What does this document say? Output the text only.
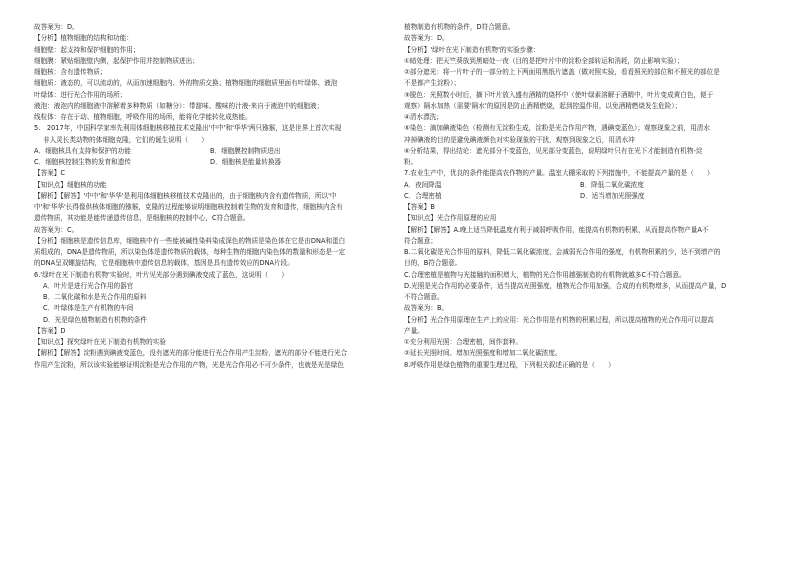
故答案为：D。
【分析】植物细胞的结构和功能：
细胞壁：起支持和保护细胞的作用；
细胞膜：紧贴细胞壁内侧，起保护作用并控制物质进出；
细胞核：含有遗传物质；
细胞质：液态的，可以流动的，从而加速细胞内、外的物质交换；植物细胞的细胞质里面有叶绿体、液泡
叶绿体：进行光合作用的场所；
液泡：液泡内的细胞液中溶解着多种物质（如糖分）：带甜味、酸味的汁液-来自于液泡中的细胞液；
线粒体：存在于动、植物细胞，呼吸作用的场所，能将化学能转化成热能。
5.　2017年，中国科学家率先利用体细胞核移植技术克隆出'中中'和'华华'两只猕猴，这是世界上首次实现
非人灵长类动物的体细胞克隆，它们的诞生说明（　　）
A．细胞核具有支持和保护的功能	B．细胞膜控制物质进出
C．细胞核控制生物的发育和遗传	D．细胞核是能量转换器
【答案】C
【知识点】细胞核的功能
【解析】【解答】'中中'和'华华'是利用体细胞核移植技术克隆出的，由于细胞核内含有遗传物质，所以'中
中'和'华华'长得像供核体细胞的猕猴，克隆的过程能够说明细胞核控制着生物的发育和遗传，细胞核内含有
遗传物质，其功能是能传递遗传信息，是细胞核的控制中心，C符合题意。
故答案为：C。
【分析】细胞核是遗传信息库，细胞核中有一些能被碱性染料染成深色的物质是染色体在它是由DNA和蛋白
质组成的，DNA是遗传物质，所以染色体是遗传物质的载体，每种生物的细胞内染色体的数量和形态是一定
的DNA呈双螺旋结构，它是细胞核中遗传信息的载体，基因是具有遗传效应的DNA片段。
6.'绿叶在光下制造有机物'实验时，叶片见光部分遇到碘液变成了蓝色，这说明（　　）
A．叶片是进行光合作用的器官
B．二氧化碳和水是光合作用的原料
C．叶绿体是生产有机物的车间
D．光是绿色植物制造有机物的条件
【答案】D
【知识点】探究绿叶在光下制造有机物的实验
【解析】【解答】淀粉遇到碘液变蓝色，没有遮光的部分能进行光合作用产生淀粉，遮光的部分不能进行光合
作用产生淀粉，所以该实验能够证明淀粉是光合作用的产物，光是光合作用必不可少条件，也就是光是绿色
植物制造有机物的条件，D符合题意。
故答案为：D。
【分析】'绿叶在光下制造有机物'的实验步骤：
①暗处理：把天竺葵放到黑暗处一夜（目的是把叶片中的淀粉全部转运和消耗，防止影响实验）；
②部分遮光：将一片叶子的一部分的上下两面用黑纸片遮盖（做对照实验，看看照光的部位和不照光的部位是
不是都产生淀粉）；
③脱色：光照数小时后，摘下叶片放入盛有酒精的烧杯中（使叶绿素溶解于酒精中，叶片变成黄白色，便于
观察）隔水加热（需要'隔水'的原因是防止酒精燃烧，起到控温作用，以免酒精燃烧发生危险）；
④清水漂洗；
⑤染色：滴加碘液染色（检测有无淀粉生成，淀粉是光合作用产物，遇碘变蓝色）；观察现象之前，用清水
冲掉碘液的目的是避免碘液颜色对实验现象的干扰，观察到现象之后，用清水冲
⑥分析结果，得出结论：遮光部分不变蓝色，见光部分变蓝色，说明绿叶只有在光下才能制造有机物-淀
粉。
7.农业生产中，优良的条件能提高农作物的产量。温室大棚采取的下列措施中，不能提高产量的是（　　）
A．夜间降温	B．降低二氧化碳浓度
C．合理密植	D．适当增加光照强度
【答案】B
【知识点】光合作用原理的应用
【解析】【解答】A.晚上适当降低温度有利于减弱呼吸作用，能提高有机物的积累，从而提高作物产量A不
符合题意；
B.二氧化碳是光合作用的原料，降低二氧化碳浓度，会减弱光合作用的强度，有机物积累的少，达不到增产的
目的，B符合题意。
C.合理密植是植物与光接触的面积增大，植物的光合作用越强制造的有机物就越多C不符合题意。
D.光照是光合作用的必要条件，适当提高光照强度，植物光合作用加强，合成的有机物增多，从而提高产量，D
不符合题意。
故答案为：B。
【分析】光合作用原理在生产上的应用：光合作用是有机物的积累过程，所以提高植物的光合作用可以提高
产量。
①充分利用光照：合理密植，间作套种。
②延长光照时间、增加光照强度和增加二氧化碳浓度。
8.呼吸作用是绿色植物的重要生理过程，下列相关叙述正确的是（　　）
